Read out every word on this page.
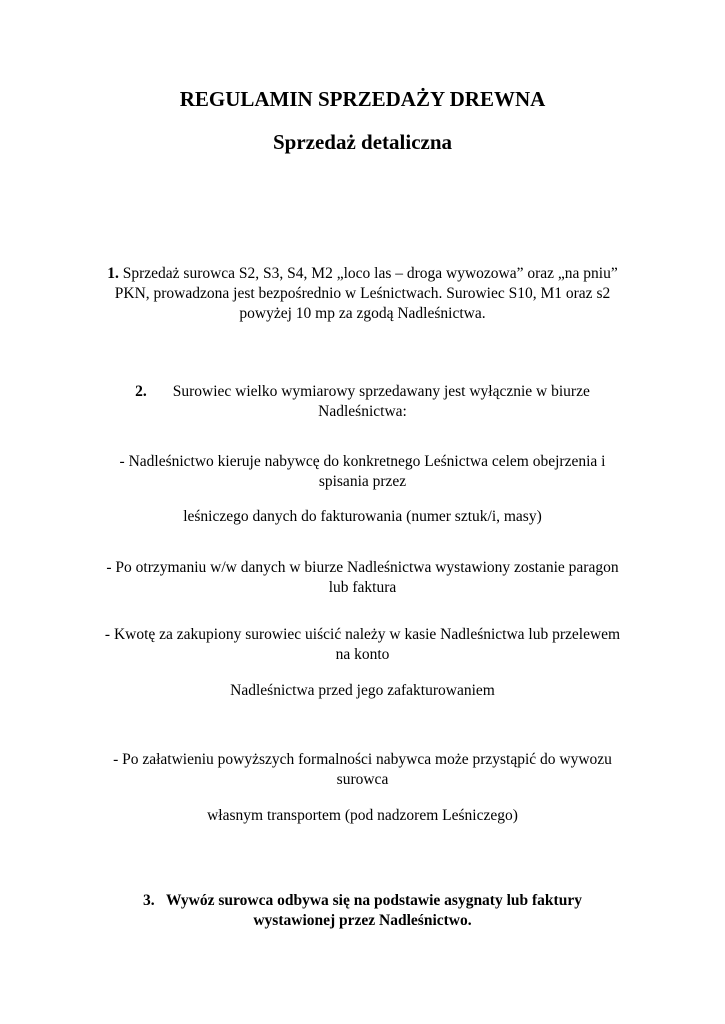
REGULAMIN SPRZEDAŻY DREWNA
Sprzedaż detaliczna
1. Sprzedaż surowca S2, S3, S4, M2 „loco las – droga wywozowa” oraz „na pniu”
PKN, prowadzona jest bezpośrednio w Leśnictwach. Surowiec S10, M1 oraz s2
powyżej 10 mp za zgodą Nadleśnictwa.
2. Surowiec wielko wymiarowy sprzedawany jest wyłącznie w biurze
Nadleśnictwa:
- Nadleśnictwo kieruje nabywcę do konkretnego Leśnictwa celem obejrzenia i
spisania przez
leśniczego danych do fakturowania (numer sztuk/i, masy)
- Po otrzymaniu w/w danych w biurze Nadleśnictwa wystawiony zostanie paragon
lub faktura
- Kwotę za zakupiony surowiec uiścić należy w kasie Nadleśnictwa lub przelewem
na konto
Nadleśnictwa przed jego zafakturowaniem
- Po załatwieniu powyższych formalności nabywca może przystąpić do wywozu
surowca
własnym transportem (pod nadzorem Leśniczego)
3. Wywóz surowca odbywa się na podstawie asygnaty lub faktury
wystawionej przez Nadleśnictwo.
